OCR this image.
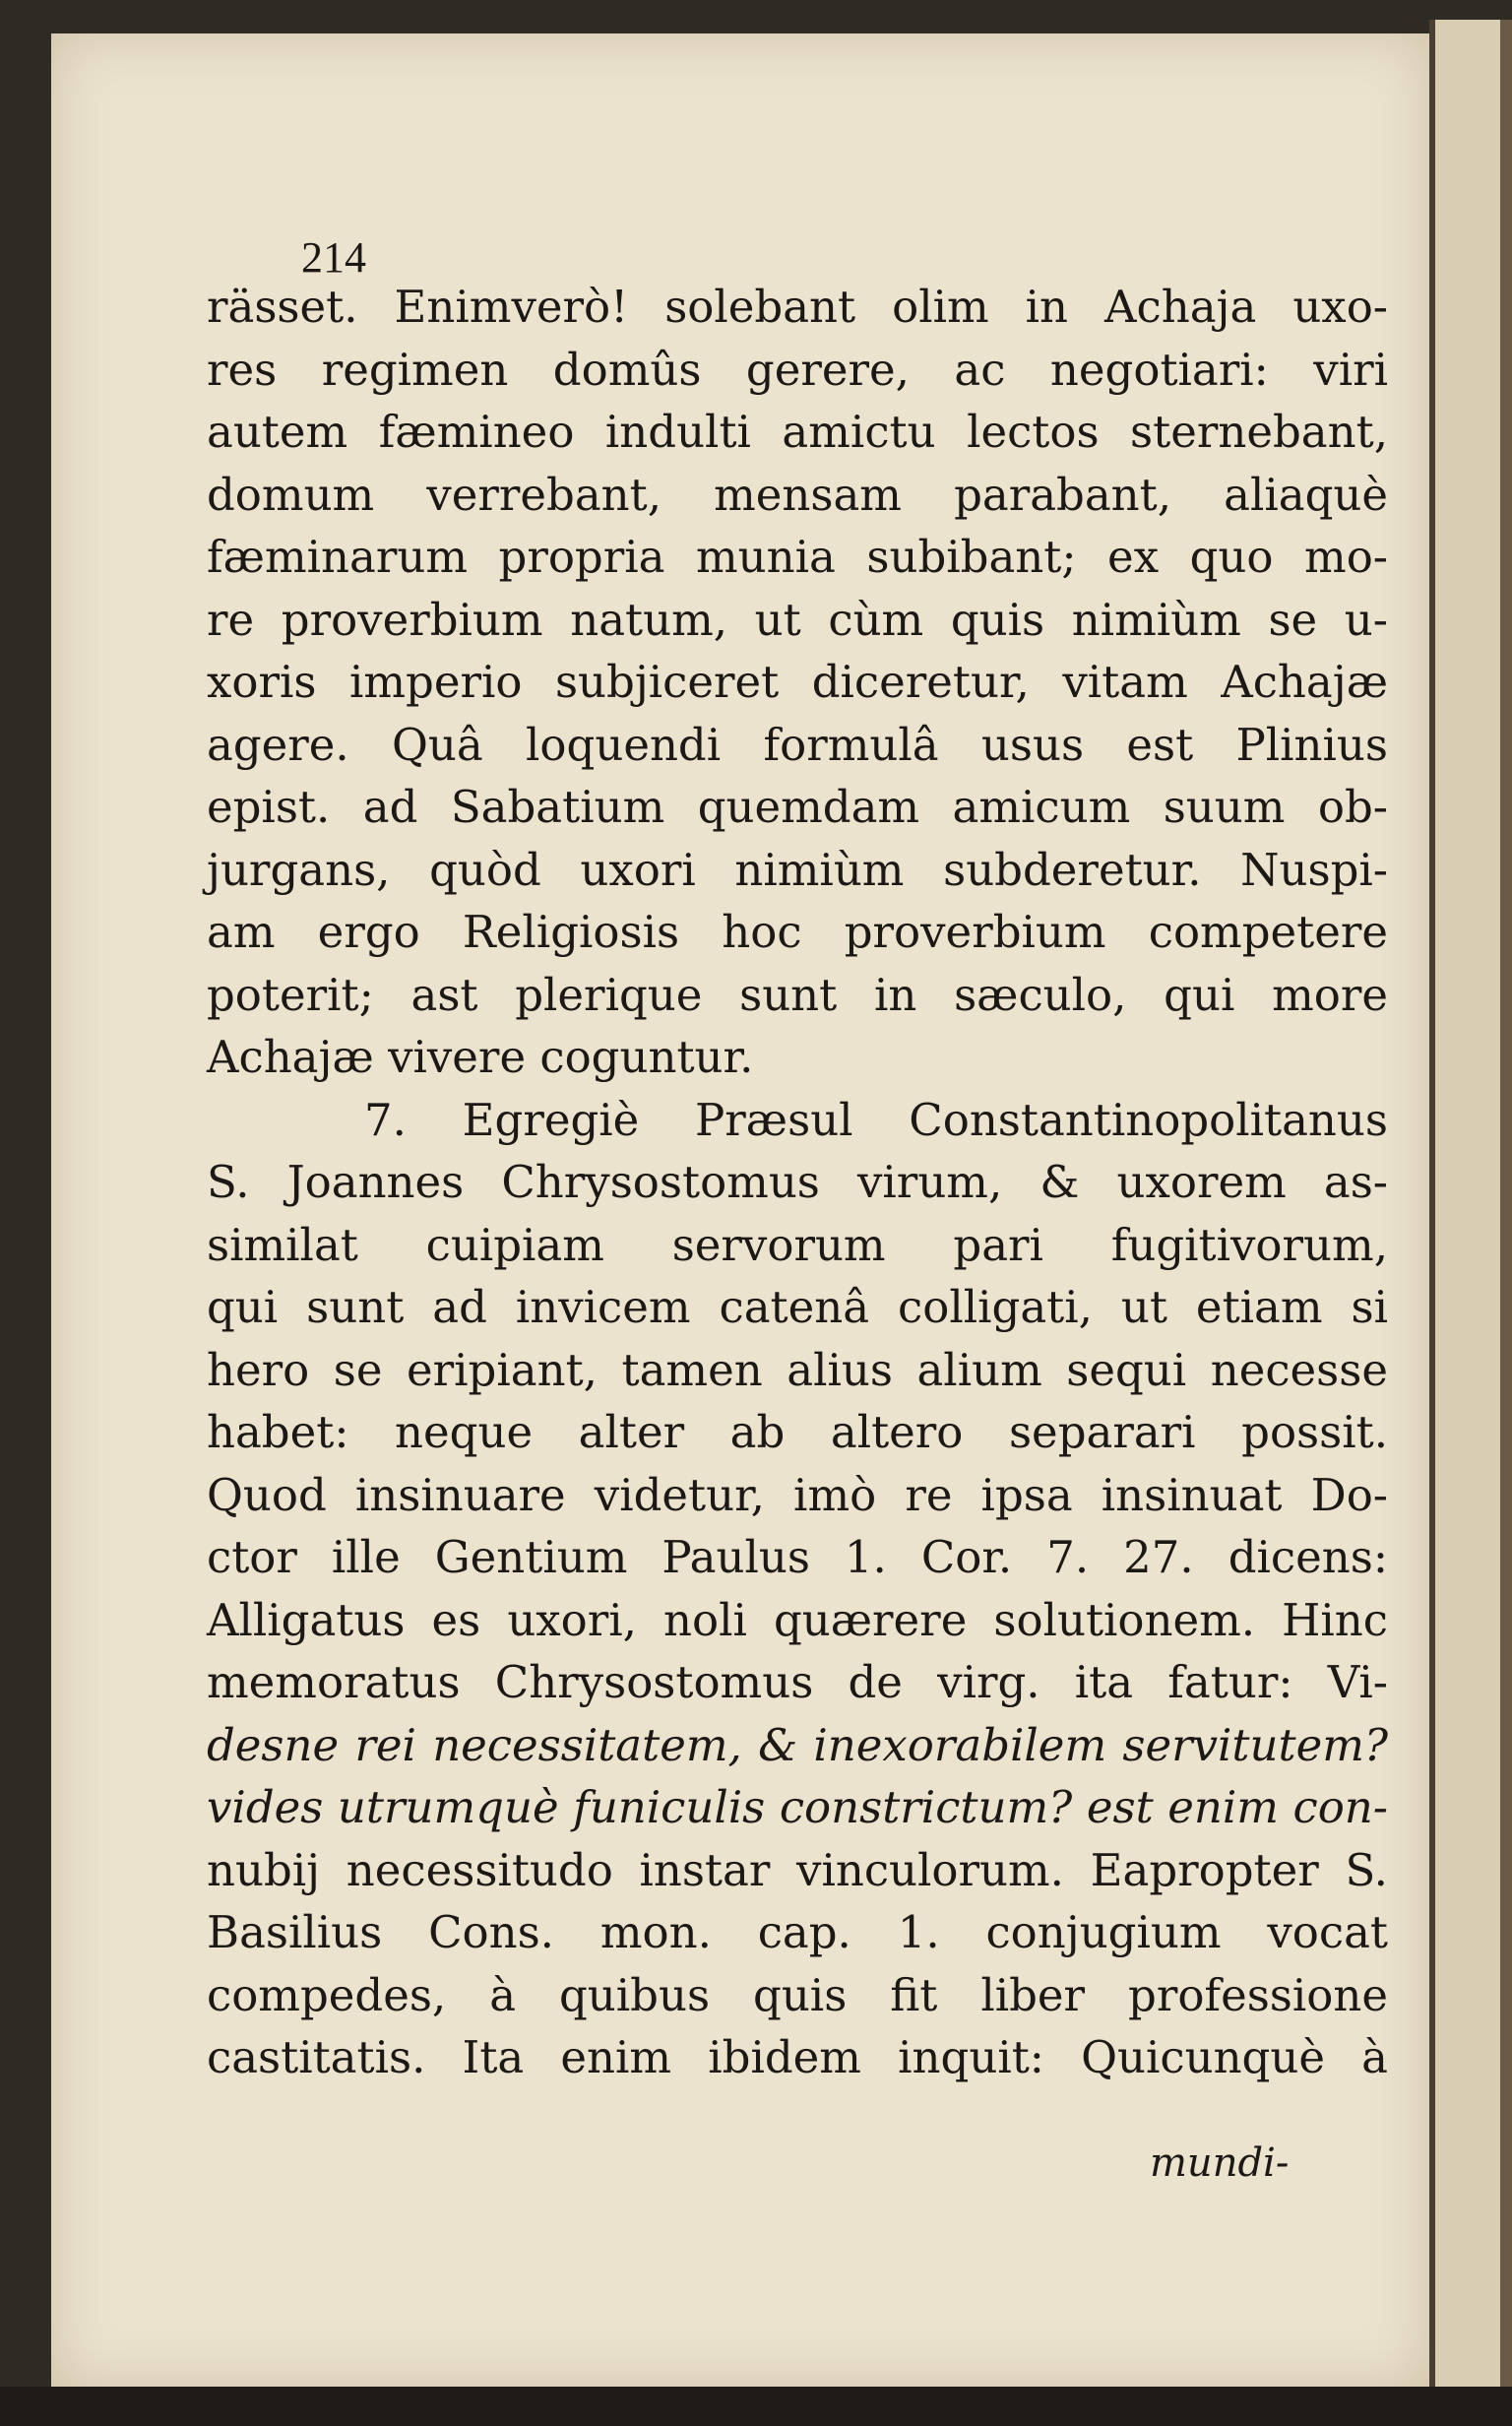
214
rässet. Enimverò! solebant olim in Achaja uxo-
res regimen domûs gerere, ac negotiari: viri
autem fæmineo indulti amictu lectos sternebant,
domum verrebant, mensam parabant, aliaquè
fæminarum propria munia subibant; ex quo mo-
re proverbium natum, ut cùm quis nimiùm se u-
xoris imperio subjiceret diceretur, vitam Achajæ
agere. Quâ loquendi formulâ usus est Plinius
epist. ad Sabatium quemdam amicum suum ob-
jurgans, quòd uxori nimiùm subderetur. Nuspi-
am ergo Religiosis hoc proverbium competere
poterit; ast plerique sunt in sæculo, qui more
Achajæ vivere coguntur.
7. Egregiè Præsul Constantinopolitanus
S. Joannes Chrysostomus virum, & uxorem as-
similat cuipiam servorum pari fugitivorum,
qui sunt ad invicem catenâ colligati, ut etiam si
hero se eripiant, tamen alius alium sequi necesse
habet: neque alter ab altero separari possit.
Quod insinuare videtur, imò re ipsa insinuat Do-
ctor ille Gentium Paulus 1. Cor. 7. 27. dicens:
Alligatus es uxori, noli quærere solutionem. Hinc
memoratus Chrysostomus de virg. ita fatur: Vi-
desne rei necessitatem, & inexorabilem servitutem?
vides utrumquè funiculis constrictum? est enim con-
nubij necessitudo instar vinculorum. Eapropter S.
Basilius Cons. mon. cap. 1. conjugium vocat
compedes, à quibus quis fit liber professione
castitatis. Ita enim ibidem inquit: Quicunquè à
mundi-
